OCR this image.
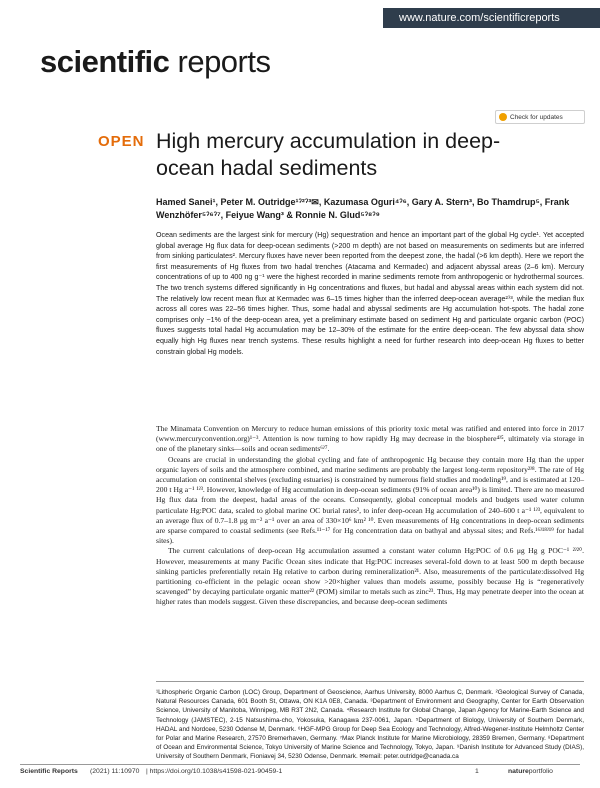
www.nature.com/scientificreports
scientific reports
Check for updates
OPEN High mercury accumulation in deep-ocean hadal sediments
Hamed Sanei¹, Peter M. Outridge¹ˀ²ˀ³✉, Kazumasa Oguri⁴ˀ⁶, Gary A. Stern³, Bo Thamdrup⁵, Frank Wenzhöfer⁵ˀ⁶ˀ⁷, Feiyue Wang³ & Ronnie N. Glud⁵ˀ⁸ˀ⁹
Ocean sediments are the largest sink for mercury (Hg) sequestration and hence an important part of the global Hg cycle¹. Yet accepted global average Hg flux data for deep-ocean sediments (>200 m depth) are not based on measurements on sediments but are inferred from sinking particulates². Mercury fluxes have never been reported from the deepest zone, the hadal (>6 km depth). Here we report the first measurements of Hg fluxes from two hadal trenches (Atacama and Kermadec) and adjacent abyssal areas (2–6 km). Mercury concentrations of up to 400 ng g⁻¹ were the highest recorded in marine sediments remote from anthropogenic or hydrothermal sources. The two trench systems differed significantly in Hg concentrations and fluxes, but hadal and abyssal areas within each system did not. The relatively low recent mean flux at Kermadec was 6–15 times higher than the inferred deep-ocean average²ˀ³, while the median flux across all cores was 22–56 times higher. Thus, some hadal and abyssal sediments are Hg accumulation hot-spots. The hadal zone comprises only ~1% of the deep-ocean area, yet a preliminary estimate based on sediment Hg and particulate organic carbon (POC) fluxes suggests total hadal Hg accumulation may be 12–30% of the estimate for the entire deep-ocean. The few abyssal data show equally high Hg fluxes near trench systems. These results highlight a need for further research into deep-ocean Hg fluxes to better constrain global Hg models.

The Minamata Convention on Mercury to reduce human emissions of this priority toxic metal was ratified and entered into force in 2017 (www.mercuryconvention.org)¹⁻³. Attention is now turning to how rapidly Hg may decrease in the biosphere⁴ˀ⁵, ultimately via storage in one of the planetary sinks—soils and ocean sediments⁶ˀ⁷.

Oceans are crucial in understanding the global cycling and fate of anthropogenic Hg because they contain more Hg than the upper organic layers of soils and the atmosphere combined, and marine sediments are probably the largest long-term repository²ˀ⁸. The rate of Hg accumulation on continental shelves (excluding estuaries) is constrained by numerous field studies and modeling¹⁹, and is estimated at 120–200 t Hg a⁻¹ ¹ˀ³. However, knowledge of Hg accumulation in deep-ocean sediments (91% of ocean area¹⁰) is limited. There are no measured Hg flux data from the deepest, hadal areas of the oceans. Consequently, global conceptual models and budgets used water column particulate Hg:POC data, scaled to global marine OC burial rates², to infer deep-ocean Hg accumulation of 240–600 t a⁻¹ ¹ˀ³, equivalent to an average flux of 0.7–1.8 μg m⁻² a⁻¹ over an area of 330×10⁶ km² ¹⁰. Even measurements of Hg concentrations in deep-ocean sediments are sparse compared to coastal sediments (see Refs.¹¹⁻¹⁷ for Hg concentration data on bathyal and abyssal sites; and Refs.¹⁶ˀ¹⁸ˀ¹⁹ for hadal sites).

The current calculations of deep-ocean Hg accumulation assumed a constant water column Hg:POC of 0.6 μg Hg g POC⁻¹ ²ˀ²⁰. However, measurements at many Pacific Ocean sites indicate that Hg:POC increases several-fold down to at least 500 m depth because sinking particles preferentially retain Hg relative to carbon during remineralization²¹. Also, measurements of the particulate:dissolved Hg partitioning co-efficient in the pelagic ocean show >20×higher values than models assume, possibly because Hg is “regeneratively scavenged” by decaying particulate organic matter²² (POM) similar to metals such as zinc²³. Thus, Hg may penetrate deeper into the ocean at higher rates than models suggest. Given these discrepancies, and because deep-ocean sediments

¹Lithospheric Organic Carbon (LOC) Group, Department of Geoscience, Aarhus University, 8000 Aarhus C, Denmark. ²Geological Survey of Canada, Natural Resources Canada, 601 Booth St, Ottawa, ON K1A 0E8, Canada. ³Department of Environment and Geography, Center for Earth Observation Science, University of Manitoba, Winnipeg, MB R3T 2N2, Canada. ⁴Research Institute for Global Change, Japan Agency for Marine-Earth Science and Technology (JAMSTEC), 2-15 Natsushima-cho, Yokosuka, Kanagawa 237-0061, Japan. ⁵Department of Biology, University of Southern Denmark, HADAL and Nordcee, 5230 Odense M, Denmark. ⁶HGF-MPG Group for Deep Sea Ecology and Technology, Alfred-Wegener-Institute Helmholtz Center for Polar and Marine Research, 27570 Bremerhaven, Germany. ⁷Max Planck Institute for Marine Microbiology, 28359 Bremen, Germany. ⁸Department of Ocean and Environmental Science, Tokyo University of Marine Science and Technology, Tokyo, Japan. ⁹Danish Institute for Advanced Study (DIAS), University of Southern Denmark, Fioniavej 34, 5230 Odense, Denmark. ✉email: peter.outridge@canada.ca
Scientific Reports (2021) 11:10970 | https://doi.org/10.1038/s41598-021-90459-1	1	natureportfolio
